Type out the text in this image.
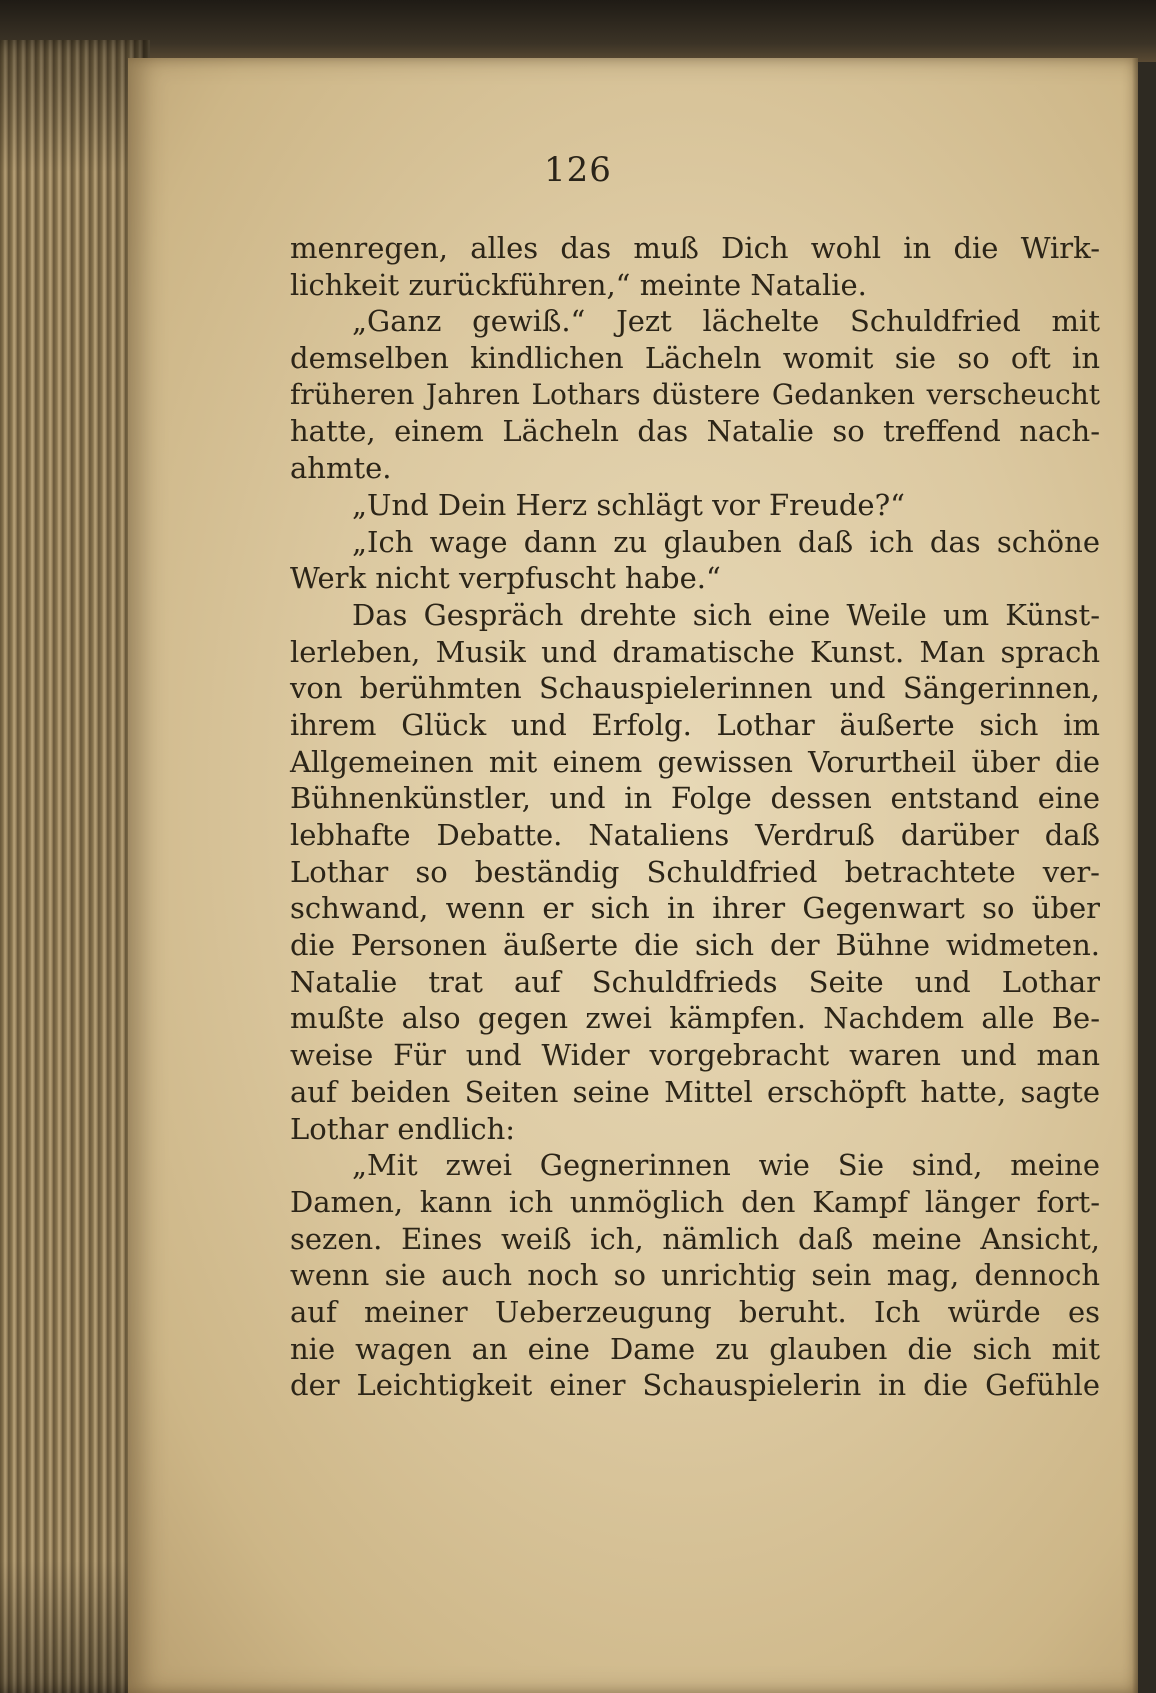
126
menregen, alles das muß Dich wohl in die Wirk-
lichkeit zurückführen,“ meinte Natalie.
„Ganz gewiß.“ Jezt lächelte Schuldfried mit
demselben kindlichen Lächeln womit sie so oft in
früheren Jahren Lothars düstere Gedanken verscheucht
hatte, einem Lächeln das Natalie so treffend nach-
ahmte.
„Und Dein Herz schlägt vor Freude?“
„Ich wage dann zu glauben daß ich das schöne
Werk nicht verpfuscht habe.“
Das Gespräch drehte sich eine Weile um Künst-
lerleben, Musik und dramatische Kunst. Man sprach
von berühmten Schauspielerinnen und Sängerinnen,
ihrem Glück und Erfolg. Lothar äußerte sich im
Allgemeinen mit einem gewissen Vorurtheil über die
Bühnenkünstler, und in Folge dessen entstand eine
lebhafte Debatte. Nataliens Verdruß darüber daß
Lothar so beständig Schuldfried betrachtete ver-
schwand, wenn er sich in ihrer Gegenwart so über
die Personen äußerte die sich der Bühne widmeten.
Natalie trat auf Schuldfrieds Seite und Lothar
mußte also gegen zwei kämpfen. Nachdem alle Be-
weise Für und Wider vorgebracht waren und man
auf beiden Seiten seine Mittel erschöpft hatte, sagte
Lothar endlich:
„Mit zwei Gegnerinnen wie Sie sind, meine
Damen, kann ich unmöglich den Kampf länger fort-
sezen. Eines weiß ich, nämlich daß meine Ansicht,
wenn sie auch noch so unrichtig sein mag, dennoch
auf meiner Ueberzeugung beruht. Ich würde es
nie wagen an eine Dame zu glauben die sich mit
der Leichtigkeit einer Schauspielerin in die Gefühle
